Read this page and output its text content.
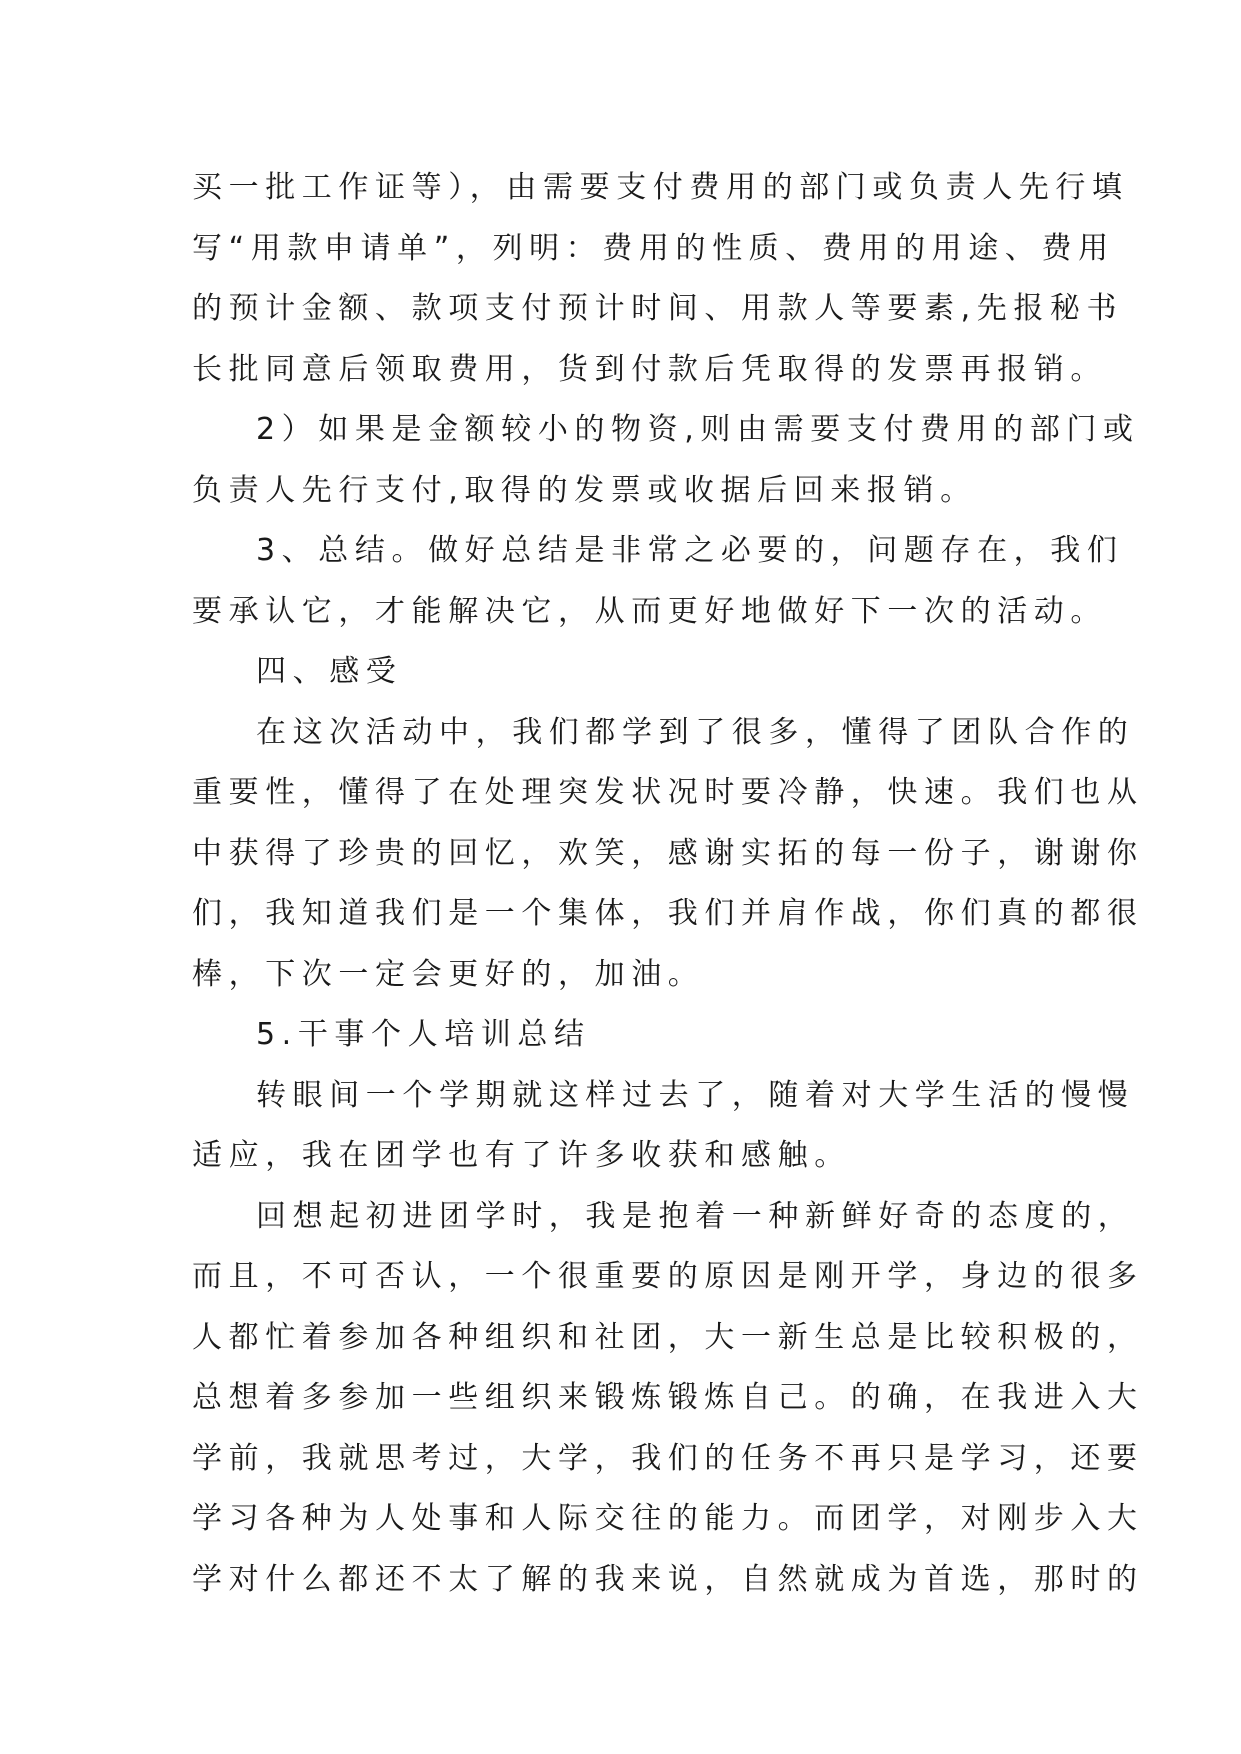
买一批工作证等），由需要支付费用的部门或负责人先行填
写“用款申请单”，列明：费用的性质、费用的用途、费用
的预计金额、款项支付预计时间、用款人等要素,先报秘书
长批同意后领取费用，货到付款后凭取得的发票再报销。
2）如果是金额较小的物资,则由需要支付费用的部门或
负责人先行支付,取得的发票或收据后回来报销。
3、总结。做好总结是非常之必要的，问题存在，我们
要承认它，才能解决它，从而更好地做好下一次的活动。
四、感受
在这次活动中，我们都学到了很多，懂得了团队合作的
重要性，懂得了在处理突发状况时要冷静，快速。我们也从
中获得了珍贵的回忆，欢笑，感谢实拓的每一份子，谢谢你
们，我知道我们是一个集体，我们并肩作战，你们真的都很
棒，下次一定会更好的，加油。
5.干事个人培训总结
转眼间一个学期就这样过去了，随着对大学生活的慢慢
适应，我在团学也有了许多收获和感触。
回想起初进团学时，我是抱着一种新鲜好奇的态度的，
而且，不可否认，一个很重要的原因是刚开学，身边的很多
人都忙着参加各种组织和社团，大一新生总是比较积极的，
总想着多参加一些组织来锻炼锻炼自己。的确，在我进入大
学前，我就思考过，大学，我们的任务不再只是学习，还要
学习各种为人处事和人际交往的能力。而团学，对刚步入大
学对什么都还不太了解的我来说，自然就成为首选，那时的
